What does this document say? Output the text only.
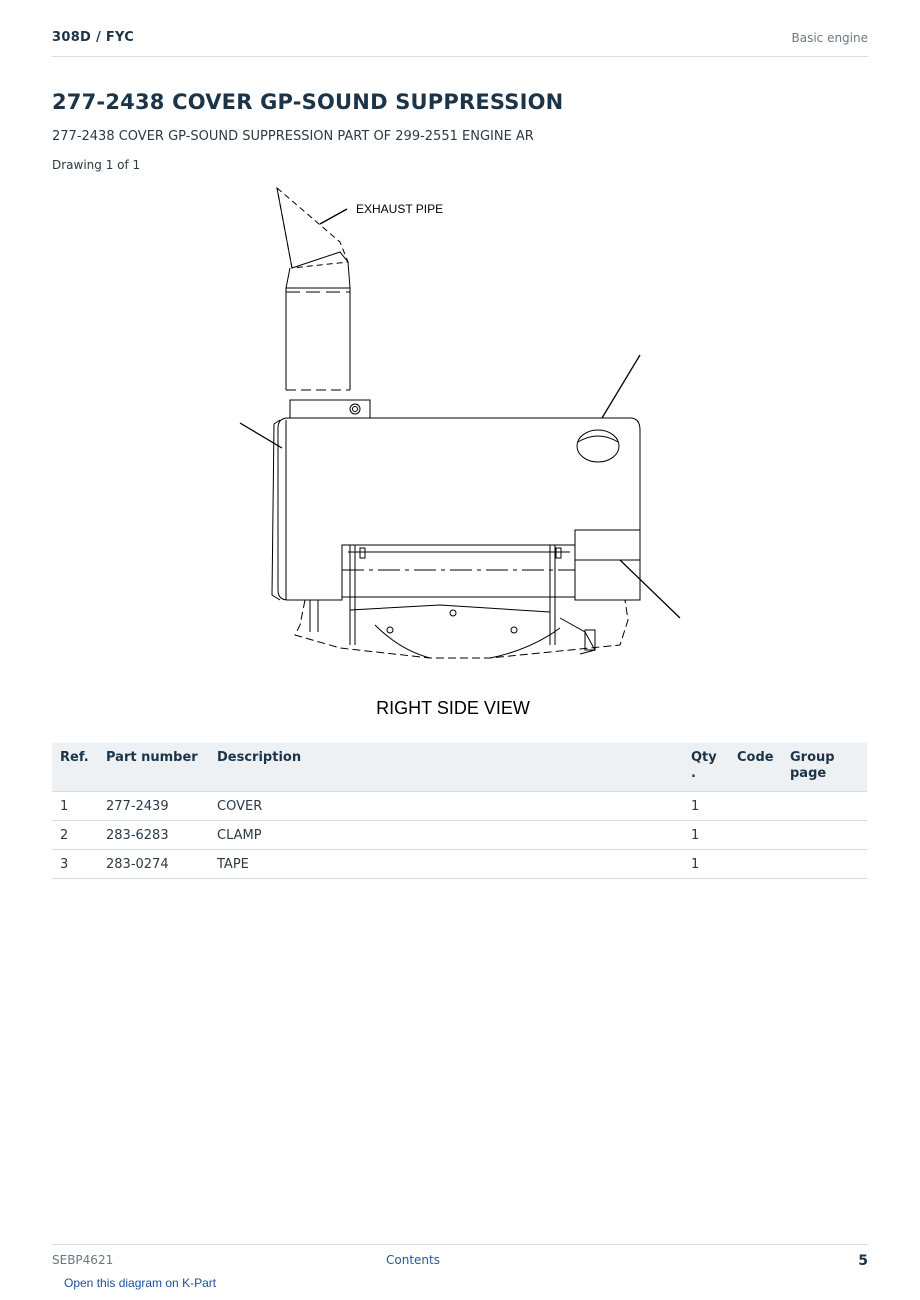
308D / FYC	Basic engine
277-2438 COVER GP-SOUND SUPPRESSION
277-2438 COVER GP-SOUND SUPPRESSION PART OF 299-2551 ENGINE AR
Drawing 1 of 1
EXHAUST PIPE
RIGHT SIDE VIEW
Ref.	Part number	Description	Qty .	Code	Group page
1	277-2439	COVER	1		
2	283-6283	CLAMP	1		
3	283-0274	TAPE	1		
SEBP4621	Contents	5
Open this diagram on K-Part
